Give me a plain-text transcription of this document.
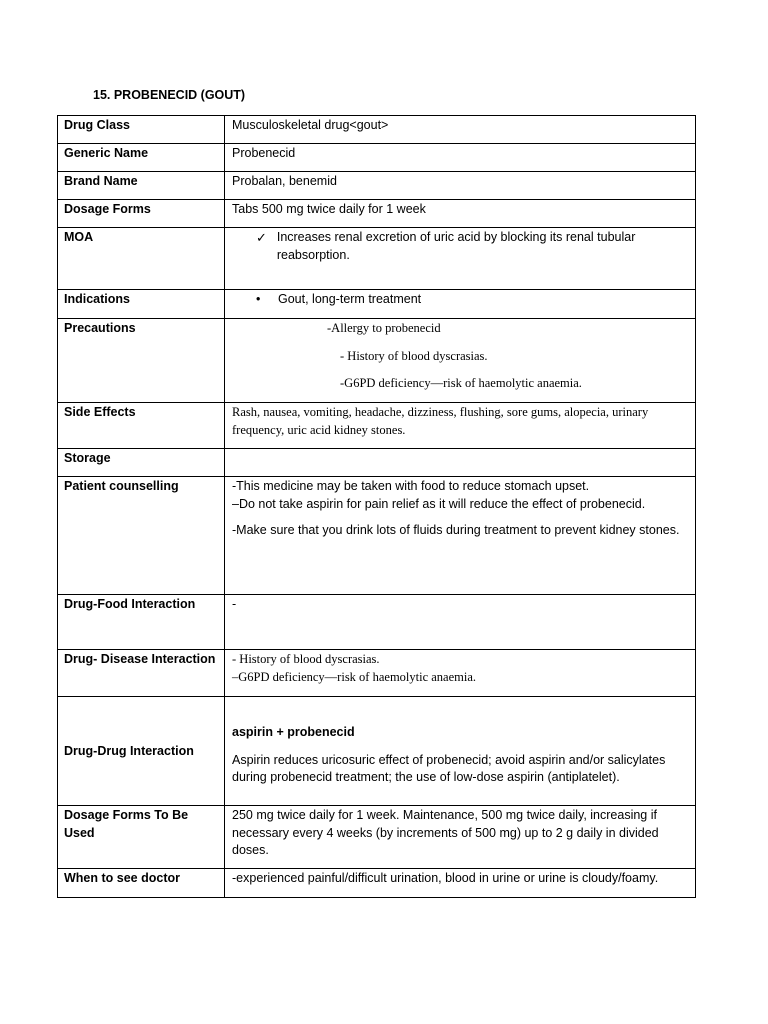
15. PROBENECID (GOUT)
Drug Class	Musculoskeletal drug<gout>
Generic Name	Probenecid
Brand Name	Probalan, benemid
Dosage Forms	Tabs 500 mg twice daily for 1 week
MOA	✓ Increases renal excretion of uric acid by blocking its renal tubular reabsorption.

Indications	• Gout, long-term treatment

Precautions	-Allergy to probenecid

- History of blood dyscrasias.

-G6PD deficiency—risk of haemolytic anaemia.

Side Effects	Rash, nausea, vomiting, headache, dizziness, flushing, sore gums, alopecia, urinary frequency, uric acid kidney stones.
Storage	
Patient counselling	-This medicine may be taken with food to reduce stomach upset.

–Do not take aspirin for pain relief as it will reduce the effect of probenecid.

-Make sure that you drink lots of fluids during treatment to prevent kidney stones.

Drug-Food Interaction	-
Drug- Disease Interaction	- History of blood dyscrasias.

–G6PD deficiency—risk of haemolytic anaemia.

Drug-Drug Interaction	aspirin + probenecid

Aspirin reduces uricosuric effect of probenecid; avoid aspirin and/or salicylates during probenecid treatment; the use of low-dose aspirin (antiplatelet).

Dosage Forms To Be Used	250 mg twice daily for 1 week. Maintenance, 500 mg twice daily, increasing if necessary every 4 weeks (by increments of 500 mg) up to 2 g daily in divided doses.
When to see doctor	-experienced painful/difficult urination, blood in urine or urine is cloudy/foamy.
